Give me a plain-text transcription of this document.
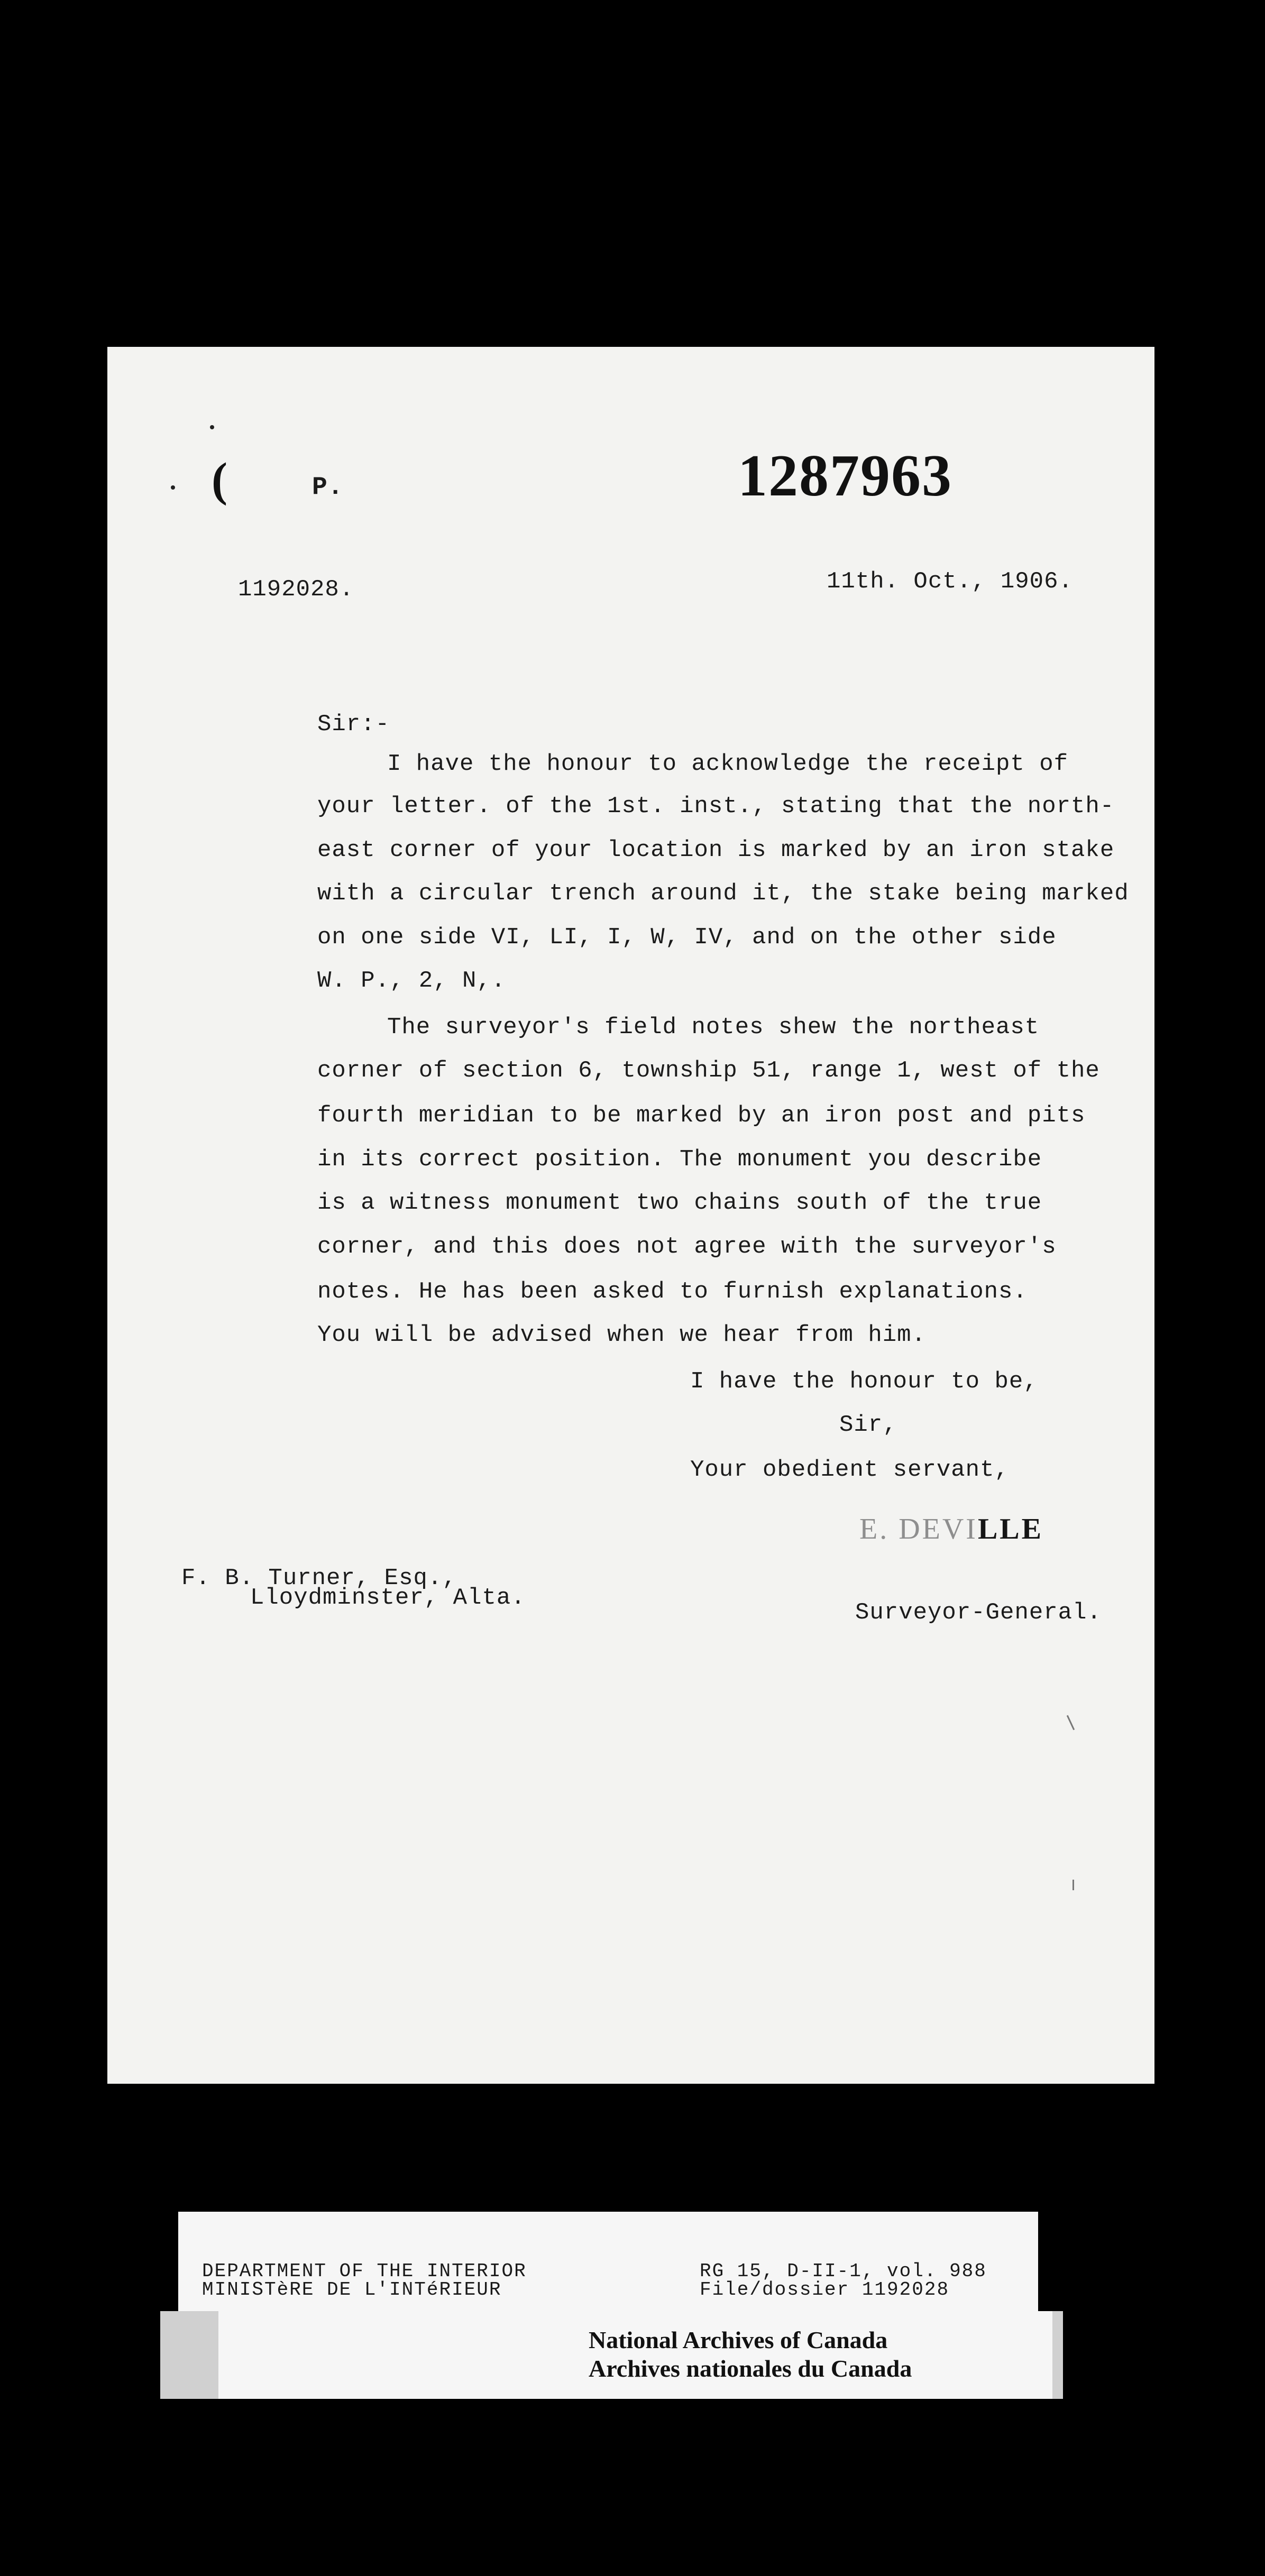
(	P.	1287963
1192028.	11th. Oct., 1906.
Sir:-
I have the honour to acknowledge the receipt of
your letter. of the 1st. inst., stating that the north-
east corner of your location is marked by an iron stake
with a circular trench around it, the stake being marked
on one side VI, LI, I, W, IV, and on the other side
W. P., 2, N,.
The surveyor's field notes shew the northeast
corner of section 6, township 51, range 1, west of the
fourth meridian to be marked by an iron post and pits
in its correct position. The monument you describe
is a witness monument two chains south of the true
corner, and this does not agree with the surveyor's
notes. He has been asked to furnish explanations.
You will be advised when we hear from him.
I have the honour to be,
Sir,
Your obedient servant,
E. DEVILLE
F. B. Turner, Esq.,
Lloydminster, Alta.
Surveyor-General.
DEPARTMENT OF THE INTERIOR
MINISTèRE DE L'INTéRIEUR
RG 15, D-II-1, vol. 988
File/dossier 1192028
National Archives of Canada
Archives nationales du Canada
